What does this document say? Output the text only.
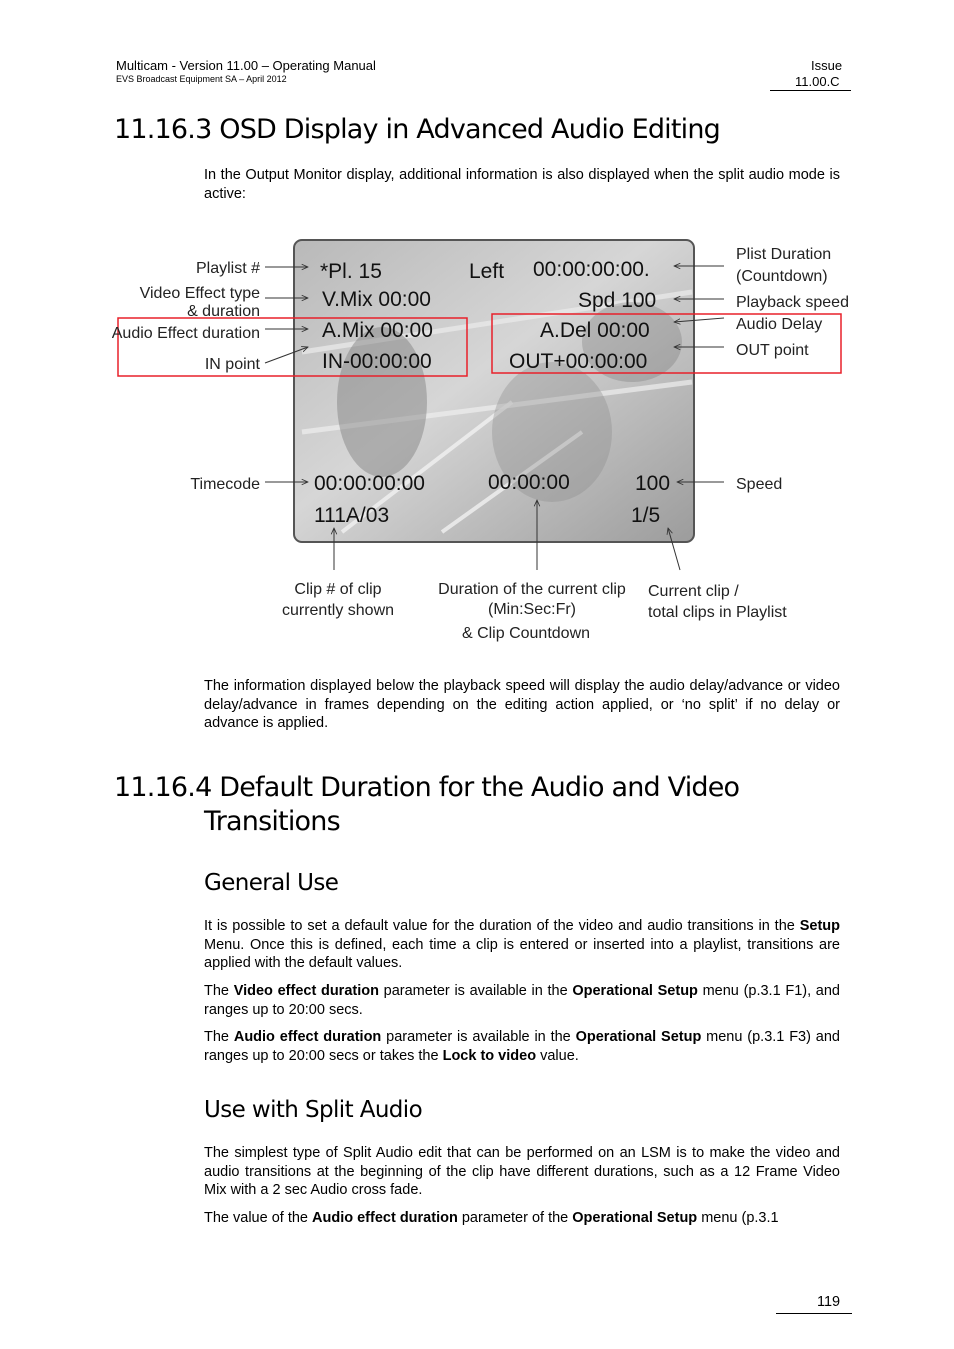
Multicam - Version 11.00 – Operating Manual
EVS Broadcast Equipment SA – April 2012
Issue
11.00.C
11.16.3 OSD Display in Advanced Audio Editing

In the Output Monitor display, additional information is also displayed when the split audio mode is active:

*Pl. 15	Left 00:00:00:00.
V.Mix 00:00	Spd 100
A.Mix 00:00	A.Del 00:00
IN-00:00:00	OUT+00:00:00
00:00:00:00	00:00:00	100
111A/03	1/5
Playlist #
Video Effect type
& duration
Audio Effect duration
IN point
Plist Duration
(Countdown)
Playback speed
Audio Delay
OUT point
Timecode	Speed
Clip # of clip
currently shown
Duration of the current clip
(Min:Sec:Fr)
& Clip Countdown
Current clip /
total clips in Playlist

The information displayed below the playback speed will display the audio delay/advance or video delay/advance in frames depending on the editing action applied, or ‘no split’ if no delay or advance is applied.

11.16.4 Default Duration for the Audio and Video
Transitions
General Use

It is possible to set a default value for the duration of the video and audio transitions in the Setup Menu. Once this is defined, each time a clip is entered or inserted into a playlist, transitions are applied with the default values.

The Video effect duration parameter is available in the Operational Setup menu (p.3.1 F1), and ranges up to 20:00 secs.

The Audio effect duration parameter is available in the Operational Setup menu (p.3.1 F3) and ranges up to 20:00 secs or takes the Lock to video value.

Use with Split Audio

The simplest type of Split Audio edit that can be performed on an LSM is to make the video and audio transitions at the beginning of the clip have different durations, such as a 12 Frame Video Mix with a 2 sec Audio cross fade.

The value of the Audio effect duration parameter of the Operational Setup menu (p.3.1

119
